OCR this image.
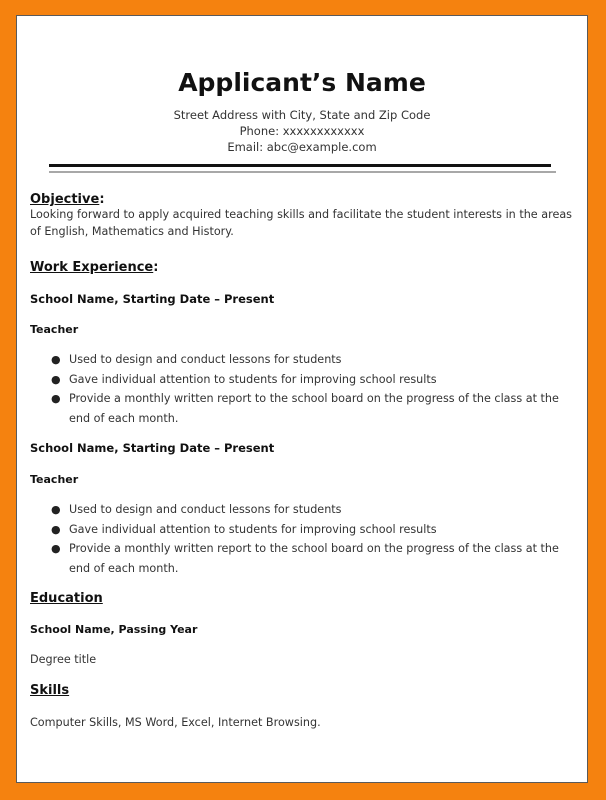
Applicant’s Name
Street Address with City, State and Zip Code
Phone: xxxxxxxxxxxx
Email: abc@example.com
Objective:
Looking forward to apply acquired teaching skills and facilitate the student interests in the areas of English, Mathematics and History.
Work Experience:
School Name, Starting Date – Present
Teacher
● Used to design and conduct lessons for students
● Gave individual attention to students for improving school results
● Provide a monthly written report to the school board on the progress of the class at the end of each month.
School Name, Starting Date – Present
Teacher
● Used to design and conduct lessons for students
● Gave individual attention to students for improving school results
● Provide a monthly written report to the school board on the progress of the class at the end of each month.
Education
School Name, Passing Year
Degree title
Skills
Computer Skills, MS Word, Excel, Internet Browsing.
